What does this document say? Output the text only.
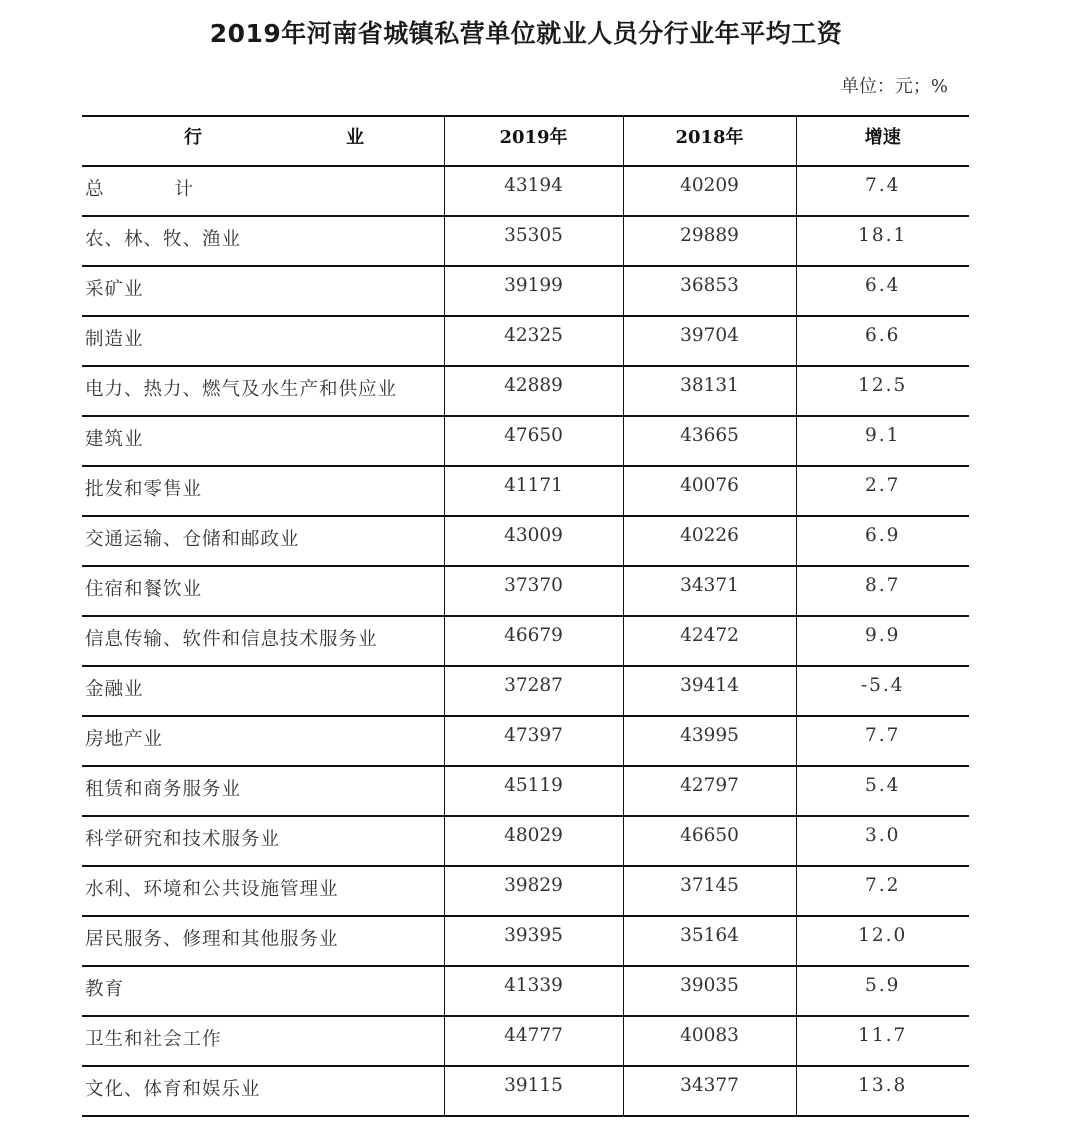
2019年河南省城镇私营单位就业人员分行业年平均工资
单位：元；%
行 业	2019年	2018年	增速
总 计	43194	40209	7.4
农、林、牧、渔业	35305	29889	18.1
采矿业	39199	36853	6.4
制造业	42325	39704	6.6
电力、热力、燃气及水生产和供应业	42889	38131	12.5
建筑业	47650	43665	9.1
批发和零售业	41171	40076	2.7
交通运输、仓储和邮政业	43009	40226	6.9
住宿和餐饮业	37370	34371	8.7
信息传输、软件和信息技术服务业	46679	42472	9.9
金融业	37287	39414	-5.4
房地产业	47397	43995	7.7
租赁和商务服务业	45119	42797	5.4
科学研究和技术服务业	48029	46650	3.0
水利、环境和公共设施管理业	39829	37145	7.2
居民服务、修理和其他服务业	39395	35164	12.0
教育	41339	39035	5.9
卫生和社会工作	44777	40083	11.7
文化、体育和娱乐业	39115	34377	13.8
